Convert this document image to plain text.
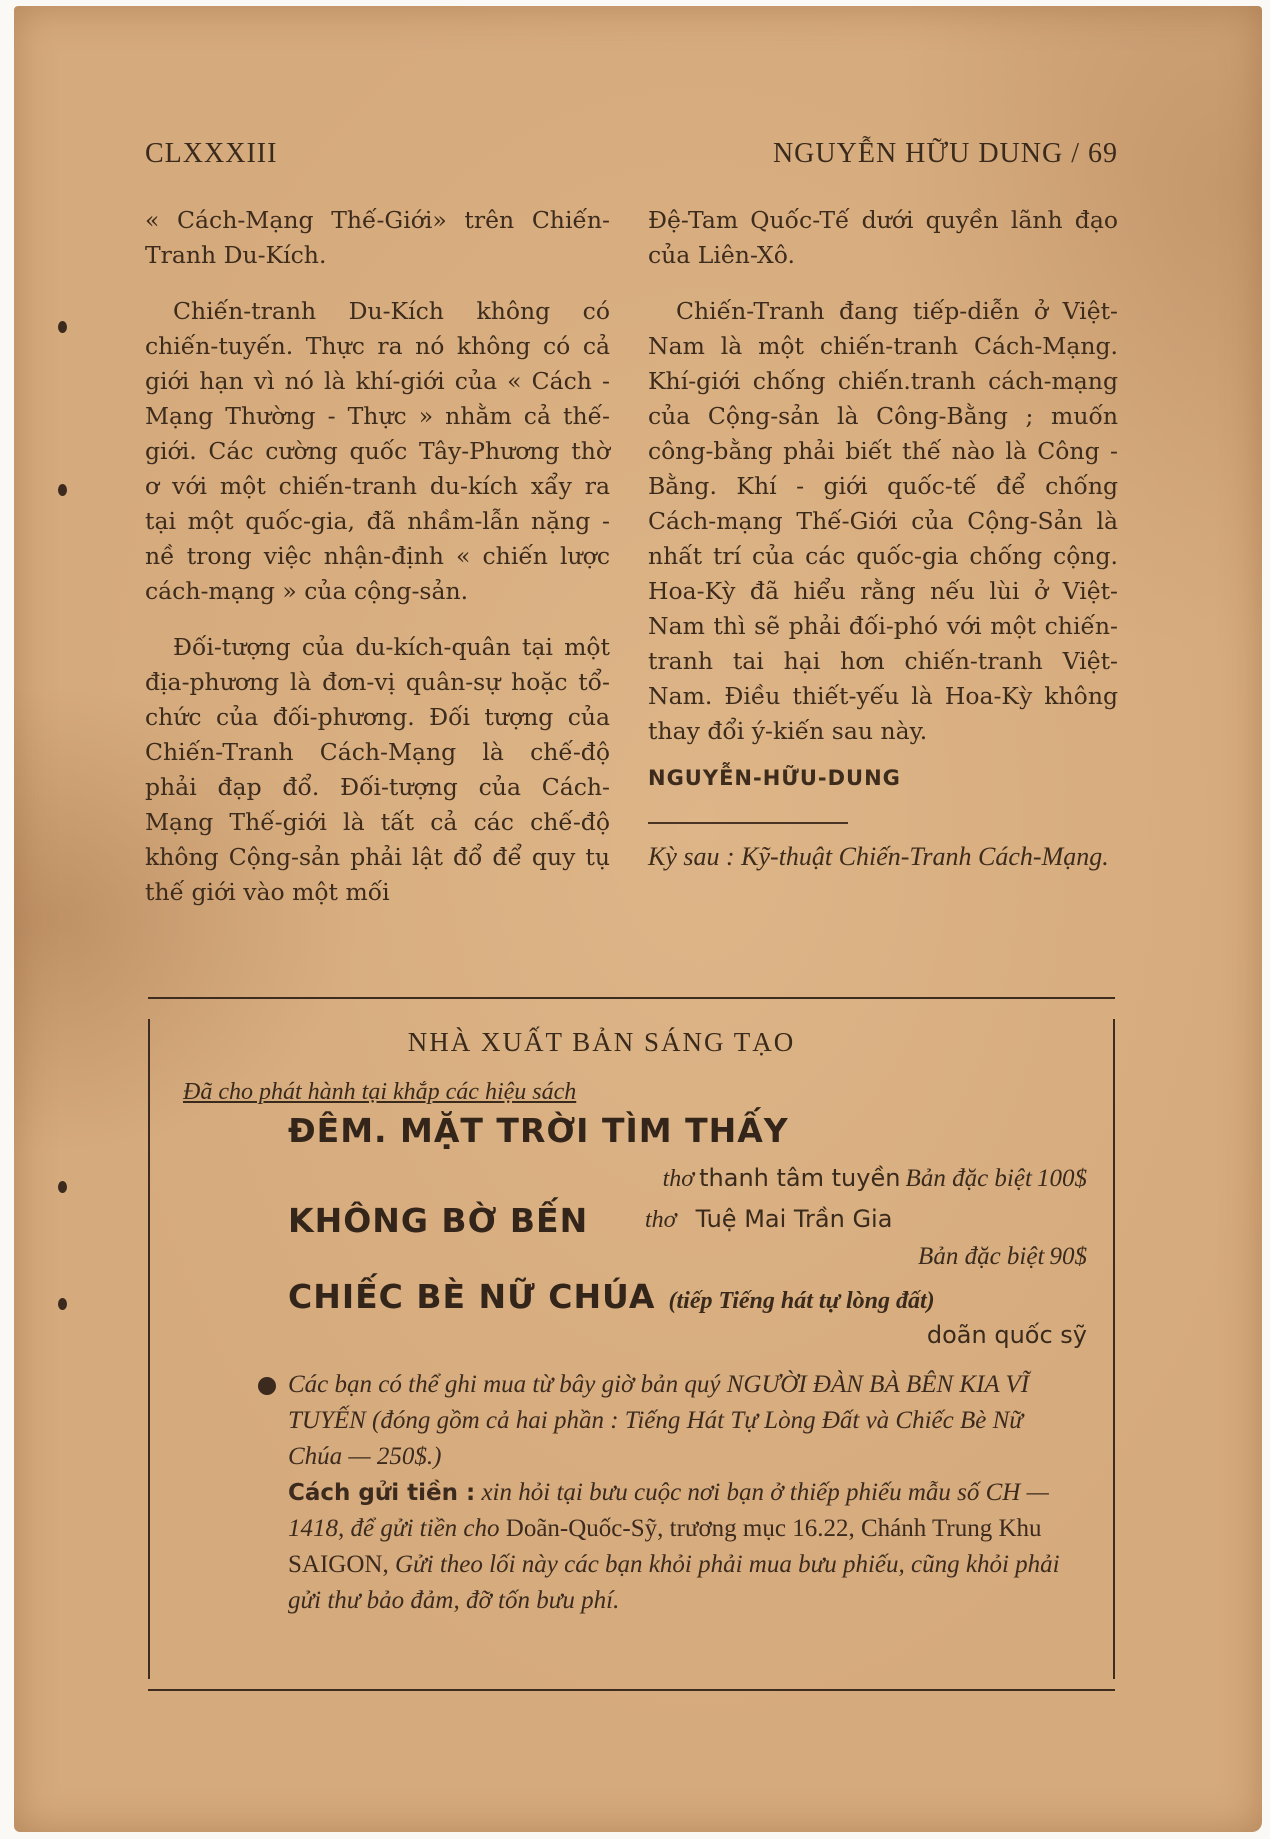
CLXXXIII	NGUYỄN HỮU DUNG / 69

« Cách-Mạng Thế-Giới» trên Chiến-Tranh Du-Kích.

Chiến-tranh Du-Kích không có chiến-tuyến. Thực ra nó không có cả giới hạn vì nó là khí-giới của « Cách - Mạng Thường - Thực » nhằm cả thế-giới. Các cường quốc Tây-Phương thờ ơ với một chiến-tranh du-kích xẩy ra tại một quốc-gia, đã nhầm-lẫn nặng - nề trong việc nhận-định « chiến lược cách-mạng » của cộng-sản.

Đối-tượng của du-kích-quân tại một địa-phương là đơn-vị quân-sự hoặc tổ-chức của đối-phương. Đối tượng của Chiến-Tranh Cách-Mạng là chế-độ phải đạp đổ. Đối-tượng của Cách-Mạng Thế-giới là tất cả các chế-độ không Cộng-sản phải lật đổ để quy tụ thế giới vào một mối

Đệ-Tam Quốc-Tế dưới quyền lãnh đạo của Liên-Xô.

Chiến-Tranh đang tiếp-diễn ở Việt-Nam là một chiến-tranh Cách-Mạng. Khí-giới chống chiến.tranh cách-mạng của Cộng-sản là Công-Bằng ; muốn công-bằng phải biết thế nào là Công - Bằng. Khí - giới quốc-tế để chống Cách-mạng Thế-Giới của Cộng-Sản là nhất trí của các quốc-gia chống cộng. Hoa-Kỳ đã hiểu rằng nếu lùi ở Việt-Nam thì sẽ phải đối-phó với một chiến-tranh tai hại hơn chiến-tranh Việt-Nam. Điều thiết-yếu là Hoa-Kỳ không thay đổi ý-kiến sau này.

NGUYỄN-HỮU-DUNG

Kỳ sau : Kỹ-thuật Chiến-Tranh Cách-Mạng.

NHÀ XUẤT BẢN SÁNG TẠO
Đã cho phát hành tại khắp các hiệu sách
ĐÊM. MẶT TRỜI TÌM THẤY
thơ thanh tâm tuyền Bản đặc biệt 100$
KHÔNG BỜ BẾN thơ Tuệ Mai Trần Gia
Bản đặc biệt 90$
CHIẾC BÈ NỮ CHÚA (tiếp Tiếng hát tự lòng đất)
doãn quốc sỹ
Các bạn có thể ghi mua từ bây giờ bản quý NGƯỜI ĐÀN BÀ BÊN KIA VĨ TUYẾN (đóng gồm cả hai phần : Tiếng Hát Tự Lòng Đất và Chiếc Bè Nữ Chúa — 250$.)
Cách gửi tiền : xin hỏi tại bưu cuộc nơi bạn ở thiếp phiếu mẫu số CH — 1418, để gửi tiền cho Doãn-Quốc-Sỹ, trương mục 16.22, Chánh Trung Khu SAIGON, Gửi theo lối này các bạn khỏi phải mua bưu phiếu, cũng khỏi phải gửi thư bảo đảm, đỡ tốn bưu phí.
